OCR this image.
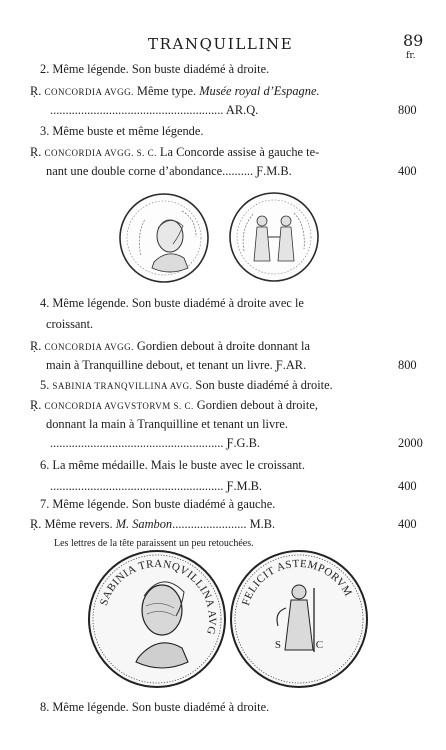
TRANQUILLINE	89
fr.
2. Même légende. Son buste diadémé à droite.
Ṛ. CONCORDIA AVGG. Même type. Musée royal d’Espagne.
........................................................ AR.Q.	800
3. Même buste et même légende.
Ṛ. CONCORDIA AVGG. S. C. La Concorde assise à gauche te-
nant une double corne d’abondance.......... Ƒ.M.B.	400
4. Même légende. Son buste diadémé à droite avec le
croissant.
Ṛ. CONCORDIA AVGG. Gordien debout à droite donnant la
main à Tranquilline debout, et tenant un livre. Ƒ.AR.	800
5. SABINIA TRANQVILLINA AVG. Son buste diadémé à droite.
Ṛ. CONCORDIA AVGVSTORVM S. C. Gordien debout à droite,
donnant la main à Tranquilline et tenant un livre.
........................................................ Ƒ.G.B.	2000
6. La même médaille. Mais le buste avec le croissant.
........................................................ Ƒ.M.B.	400
7. Même légende. Son buste diadémé à gauche.
Ṛ. Même revers. M. Sambon........................ M.B.	400
Les lettres de la tête paraissent un peu retouchées.
8. Même légende. Son buste diadémé à droite.
SABINIA TRANQVILLINA AVG
FELICIT ASTEMPORVM
S C
